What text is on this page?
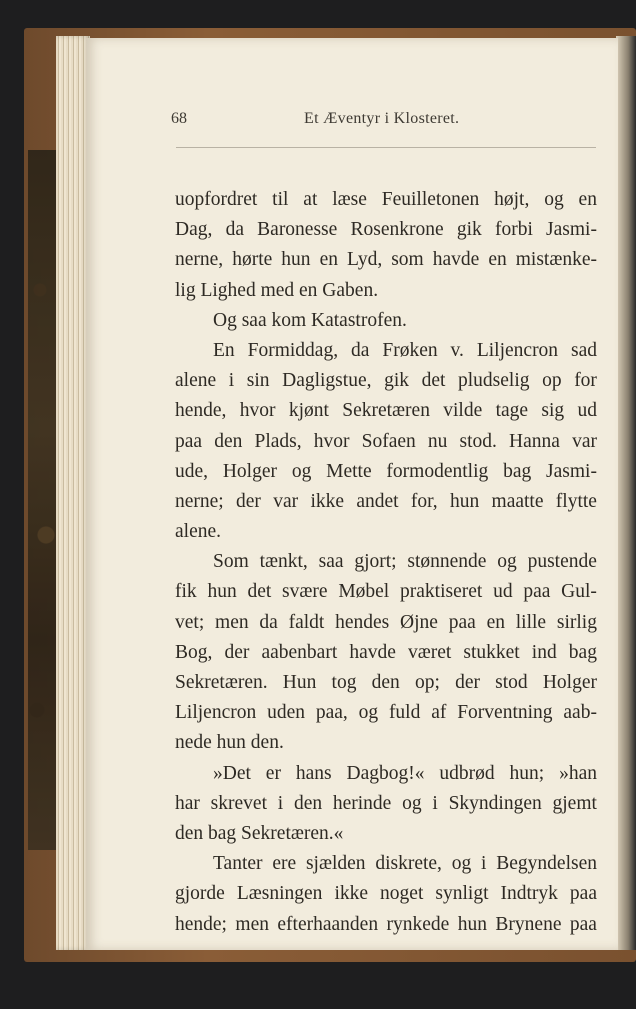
68	Et Æventyr i Klosteret.
uopfordret til at læse Feuilletonen højt, og en
Dag, da Baronesse Rosenkrone gik forbi Jasmi-
nerne, hørte hun en Lyd, som havde en mistænke-
lig Lighed med en Gaben.
Og saa kom Katastrofen.
En Formiddag, da Frøken v. Liljencron sad
alene i sin Dagligstue, gik det pludselig op for
hende, hvor kjønt Sekretæren vilde tage sig ud
paa den Plads, hvor Sofaen nu stod. Hanna var
ude, Holger og Mette formodentlig bag Jasmi-
nerne; der var ikke andet for, hun maatte flytte
alene.
Som tænkt, saa gjort; stønnende og pustende
fik hun det svære Møbel praktiseret ud paa Gul-
vet; men da faldt hendes Øjne paa en lille sirlig
Bog, der aabenbart havde været stukket ind bag
Sekretæren. Hun tog den op; der stod Holger
Liljencron uden paa, og fuld af Forventning aab-
nede hun den.
»Det er hans Dagbog!« udbrød hun; »han
har skrevet i den herinde og i Skyndingen gjemt
den bag Sekretæren.«
Tanter ere sjælden diskrete, og i Begyndelsen
gjorde Læsningen ikke noget synligt Indtryk paa
hende; men efterhaanden rynkede hun Brynene paa
